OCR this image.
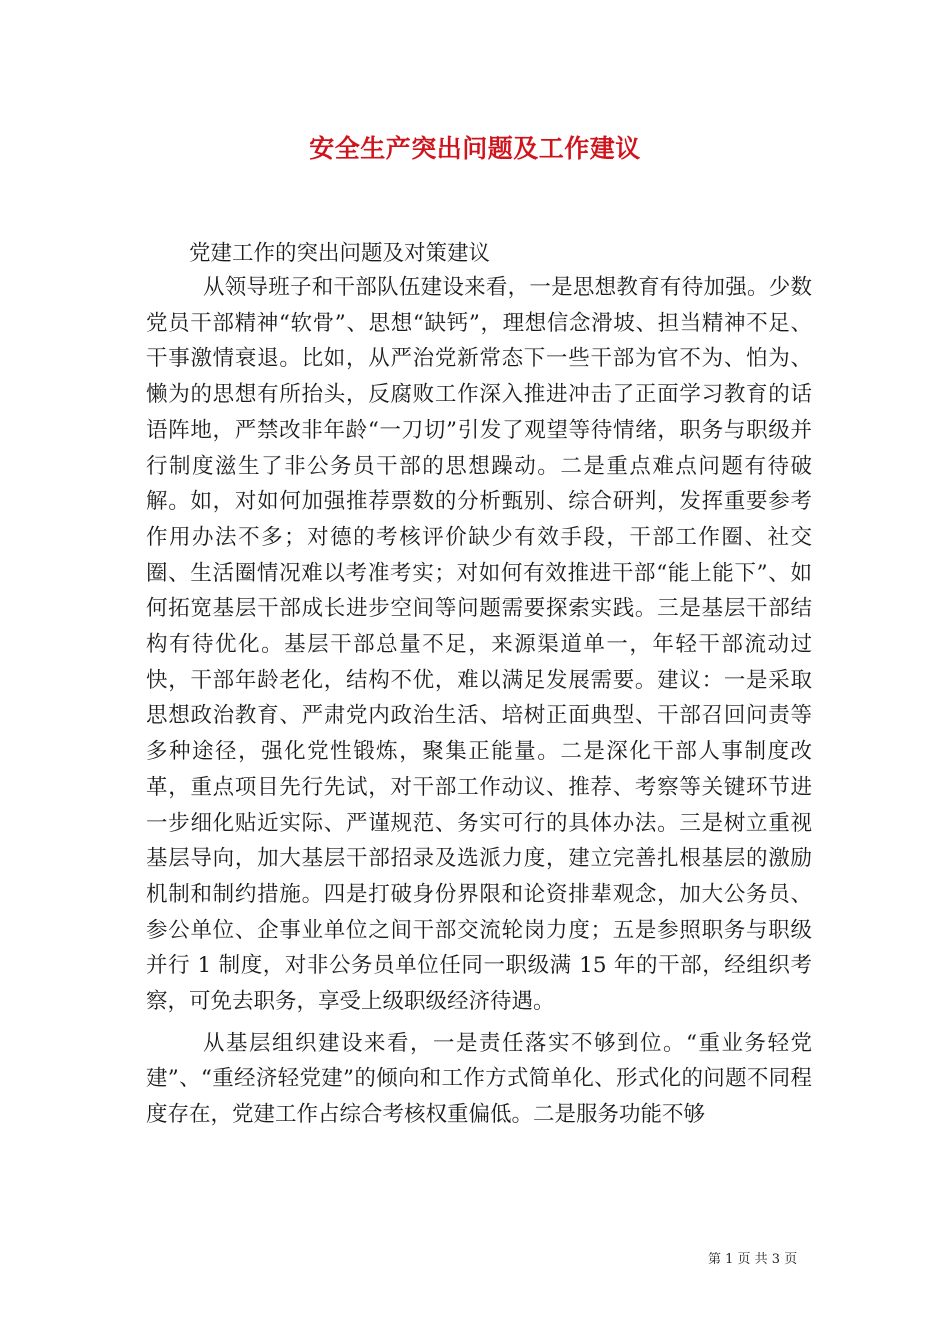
安全生产突出问题及工作建议

党建工作的突出问题及对策建议

从领导班子和干部队伍建设来看，一是思想教育有待加强。少数党员干部精神“软骨”、思想“缺钙”，理想信念滑坡、担当精神不足、干事激情衰退。比如，从严治党新常态下一些干部为官不为、怕为、懒为的思想有所抬头，反腐败工作深入推进冲击了正面学习教育的话语阵地，严禁改非年龄“一刀切”引发了观望等待情绪，职务与职级并行制度滋生了非公务员干部的思想躁动。二是重点难点问题有待破解。如，对如何加强推荐票数的分析甄别、综合研判，发挥重要参考作用办法不多；对德的考核评价缺少有效手段，干部工作圈、社交圈、生活圈情况难以考准考实；对如何有效推进干部“能上能下”、如何拓宽基层干部成长进步空间等问题需要探索实践。三是基层干部结构有待优化。基层干部总量不足，来源渠道单一，年轻干部流动过快，干部年龄老化，结构不优，难以满足发展需要。建议：一是采取思想政治教育、严肃党内政治生活、培树正面典型、干部召回问责等多种途径，强化党性锻炼，聚集正能量。二是深化干部人事制度改革，重点项目先行先试，对干部工作动议、推荐、考察等关键环节进一步细化贴近实际、严谨规范、务实可行的具体办法。三是树立重视基层导向，加大基层干部招录及选派力度，建立完善扎根基层的激励机制和制约措施。四是打破身份界限和论资排辈观念，加大公务员、参公单位、企事业单位之间干部交流轮岗力度；五是参照职务与职级并行 1 制度，对非公务员单位任同一职级满 15 年的干部，经组织考察，可免去职务，享受上级职级经济待遇。

从基层组织建设来看，一是责任落实不够到位。“重业务轻党建”、“重经济轻党建”的倾向和工作方式简单化、形式化的问题不同程度存在，党建工作占综合考核权重偏低。二是服务功能不够

第 1 页 共 3 页
